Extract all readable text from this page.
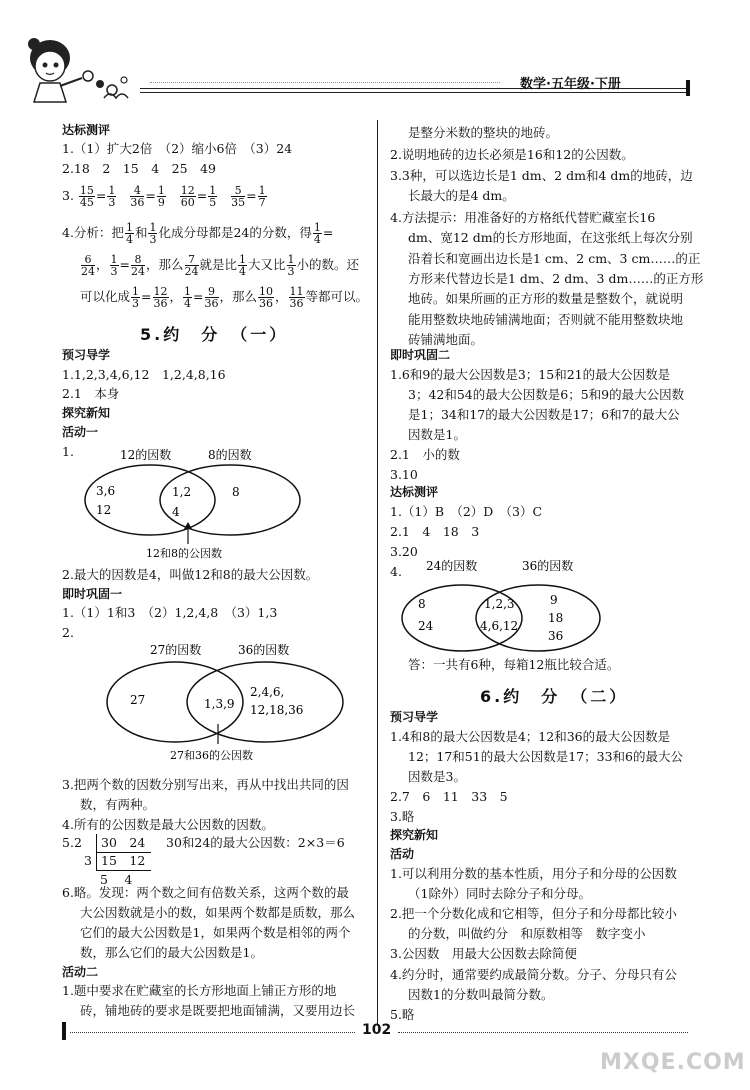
数学·五年级·下册
达标测评
1.（1）扩大2倍　（2）缩小6倍　（3）24
2.18　2　15　4　25　49
3. $\frac{15}{45} = \frac{1}{3}$
$\frac{4}{36} = \frac{1}{9}$
$\frac{12}{60} = \frac{1}{5}$
$\frac{5}{35} = \frac{1}{7}$
4.分析：把 $\frac{1}{4}$ 和 $\frac{1}{3}$ 化成分母都是24的分数，得 $\frac{1}{4}$ =
$\frac{6}{24}$ ， $\frac{1}{3} = \frac{8}{24}$ ，那么 $\frac{7}{24}$ 就是比 $\frac{1}{4}$ 大又比 $\frac{1}{3}$ 小的数。还
可以化成 $\frac{1}{3} = \frac{12}{36}$ ， $\frac{1}{4} = \frac{9}{36}$ ，那么 $\frac{10}{36}$ ， $\frac{11}{36}$ 等都可以。
5.约　分　（一）
预习导学
1.1,2,3,4,6,12　1,2,4,8,16
2.1　本身
探究新知
活动一
1.	12的因数	8的因数
3,6
12
1,2
4
8
12和8的公因数
2.最大的因数是4，叫做12和8的最大公因数。
即时巩固一
1.（1）1和3　（2）1,2,4,8　（3）1,3
2.
27的因数	36的因数
27	1,3,9
2,4,6,
12,18,36
27和36的公因数
3.把两个数的因数分别写出来，再从中找出共同的因
数，有两种。
4.所有的公因数是最大公因数的因数。
5.2	30　24
3 15　12
5　 4
30和24的最大公因数：2×3＝6
6.略。发现：两个数之间有倍数关系，这两个数的最
大公因数就是小的数，如果两个数都是质数，那么
它们的最大公因数是1，如果两个数是相邻的两个
数，那么它们的最大公因数是1。
活动二
1.题中要求在贮藏室的长方形地面上铺正方形的地
砖，铺地砖的要求是既要把地面铺满，又要用边长
是整分米数的整块的地砖。
2.说明地砖的边长必须是16和12的公因数。
3.3种，可以选边长是1 dm、2 dm和4 dm的地砖，边
长最大的是4 dm。
4.方法提示：用准备好的方格纸代替贮藏室长16
dm、宽12 dm的长方形地面，在这张纸上每次分别
沿着长和宽画出边长是1 cm、2 cm、3 cm……的正
方形来代替边长是1 dm、2 dm、3 dm……的正方形
地砖。如果所画的正方形的数量是整数个，就说明
能用整数块地砖铺满地面；否则就不能用整数块地
砖铺满地面。
即时巩固二
1.6和9的最大公因数是3；15和21的最大公因数是
3；42和54的最大公因数是6；5和9的最大公因数
是1；34和17的最大公因数是17；6和7的最大公
因数是1。
2.1　小的数
3.10
达标测评
1.（1）B　（2）D　（3）C
2.1　4　18　3
3.20
4. 24的因数	36的因数
8
24
1,2,3
4,6,12
9
18
36
答：一共有6种，每箱12瓶比较合适。
6.约　分　（二）
预习导学
1.4和8的最大公因数是4；12和36的最大公因数是
12；17和51的最大公因数是17；33和6的最大公
因数是3。
2.7　6　11　33　5
3.略
探究新知
活动
1.可以利用分数的基本性质，用分子和分母的公因数
（1除外）同时去除分子和分母。
2.把一个分数化成和它相等，但分子和分母都比较小
的分数，叫做约分　和原数相等　数字变小
3.公因数　用最大公因数去除简便
4.约分时，通常要约成最简分数。分子、分母只有公
因数1的分数叫最简分数。
5.略
102
MXQE.COM
